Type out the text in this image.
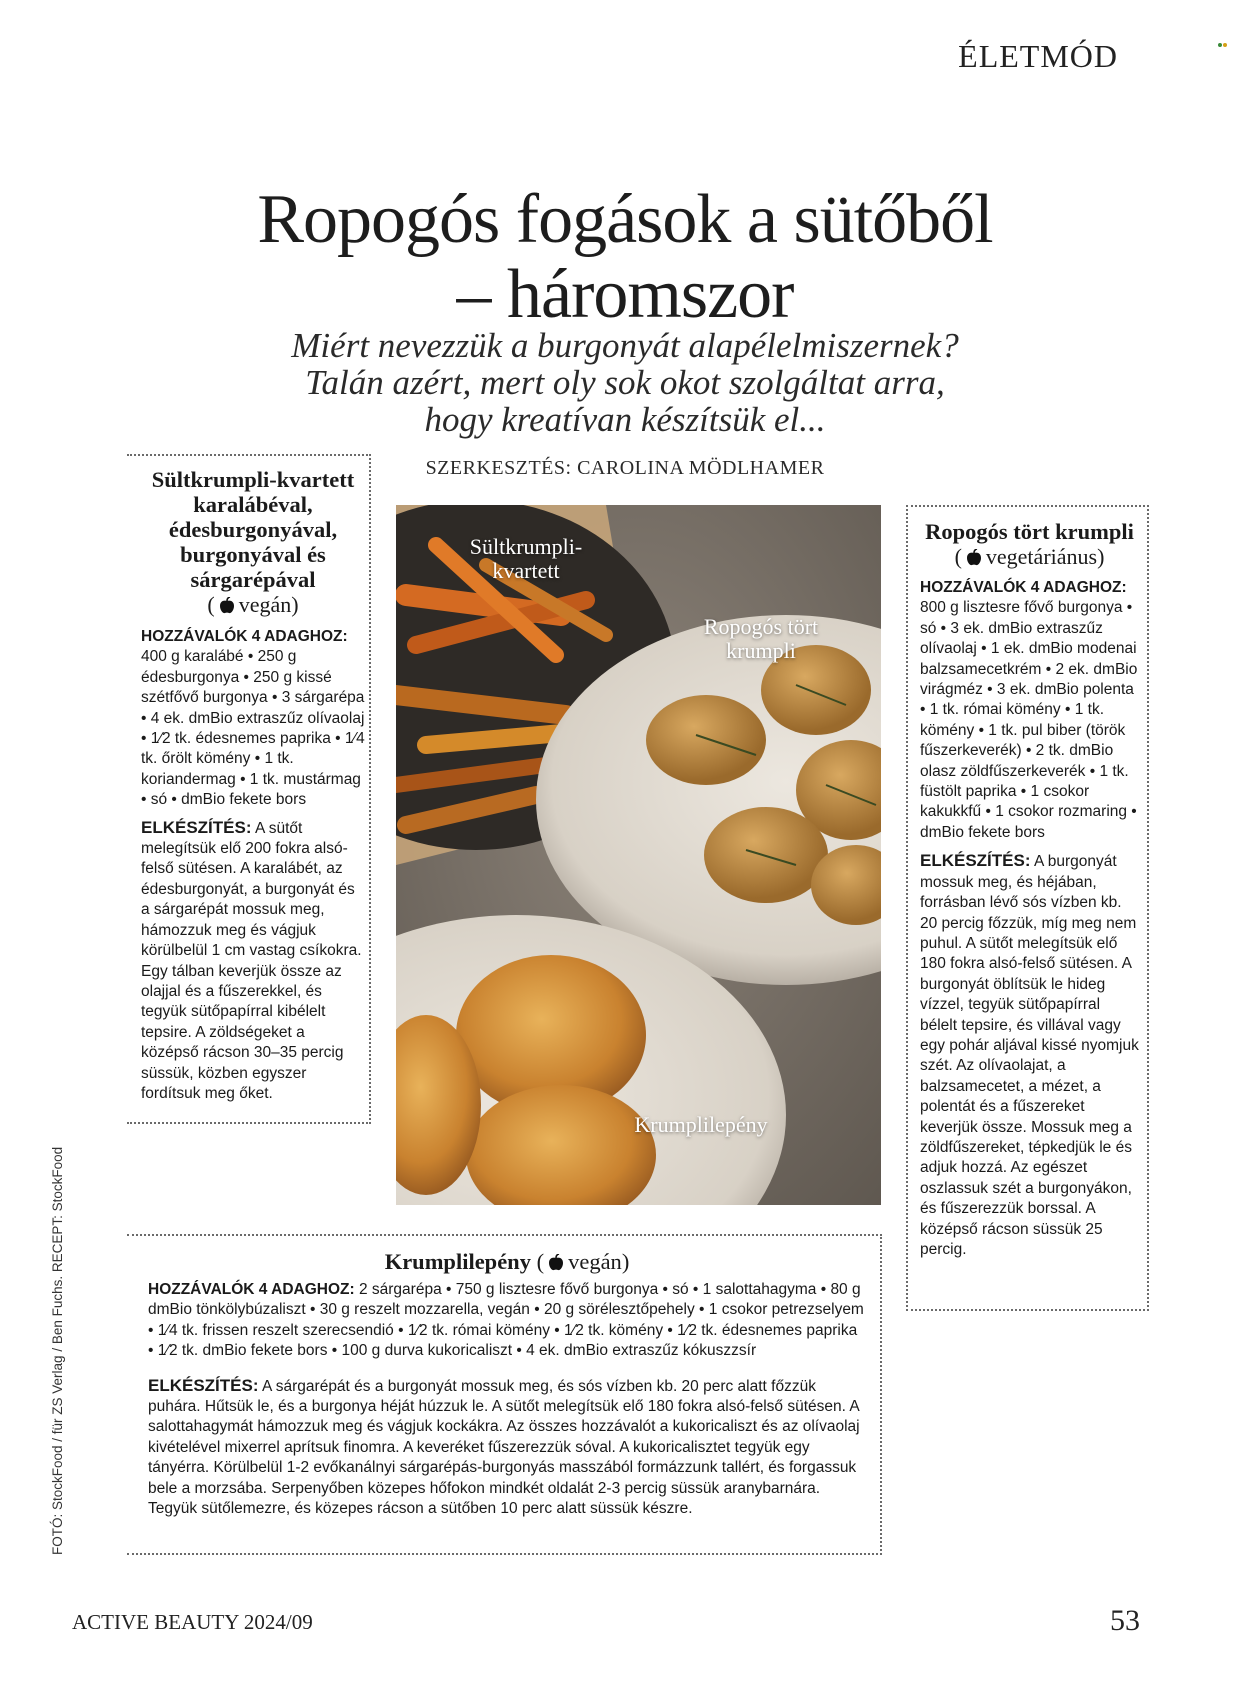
ÉLETMÓD
Ropogós fogások a sütőből
– háromszor
Miért nevezzük a burgonyát alapélelmiszernek?
Talán azért, mert oly sok okot szolgáltat arra,
hogy kreatívan készítsük el...
SZERKESZTÉS: CAROLINA MÖDLHAMER
Sültkrumpli-kvartett karalábéval, édesburgonyával, burgonyával és sárgarépával
( vegán)
HOZZÁVALÓK 4 ADAGHOZ:
400 g karalábé • 250 g édesburgonya • 250 g kissé szétfővő burgonya • 3 sárgarépa • 4 ek. dmBio extraszűz olívaolaj • 1⁄2 tk. édesnemes paprika • 1⁄4 tk. őrölt kömény • 1 tk. koriandermag • 1 tk. mustármag • só • dmBio fekete bors
ELKÉSZÍTÉS: A sütőt melegítsük elő 200 fokra alsó-felső sütésen. A karalábét, az édesburgonyát, a burgonyát és a sárgarépát mossuk meg, hámozzuk meg és vágjuk körülbelül 1 cm vastag csíkokra. Egy tálban keverjük össze az olajjal és a fűszerekkel, és tegyük sütőpapírral kibélelt tepsire. A zöldségeket a középső rácson 30–35 percig süssük, közben egyszer fordítsuk meg őket.
Sültkrumpli-kvartett
Ropogós tört krumpli
Krumplilepény
Ropogós tört krumpli
( vegetáriánus)
HOZZÁVALÓK 4 ADAGHOZ:
800 g lisztesre fővő burgonya • só • 3 ek. dmBio extraszűz olívaolaj • 1 ek. dmBio modenai balzsamecetkrém • 2 ek. dmBio virágméz • 3 ek. dmBio polenta • 1 tk. római kömény • 1 tk. kömény • 1 tk. pul biber (török fűszerkeverék) • 2 tk. dmBio olasz zöldfűszerkeverék • 1 tk. füstölt paprika • 1 csokor kakukkfű • 1 csokor rozmaring • dmBio fekete bors
ELKÉSZÍTÉS: A burgonyát mossuk meg, és héjában, forrásban lévő sós vízben kb. 20 percig főzzük, míg meg nem puhul. A sütőt melegítsük elő 180 fokra alsó-felső sütésen. A burgonyát öblítsük le hideg vízzel, tegyük sütőpapírral bélelt tepsire, és villával vagy egy pohár aljával kissé nyomjuk szét. Az olívaolajat, a balzsamecetet, a mézet, a polentát és a fűszereket keverjük össze. Mossuk meg a zöldfűszereket, tépkedjük le és adjuk hozzá. Az egészet oszlassuk szét a burgonyákon, és fűszerezzük borssal. A középső rácson süssük 25 percig.
Krumplilepény ( vegán)
HOZZÁVALÓK 4 ADAGHOZ: 2 sárgarépa • 750 g lisztesre fővő burgonya • só • 1 salottahagyma • 80 g dmBio tönkölybúzaliszt • 30 g reszelt mozzarella, vegán • 20 g sörélesztőpehely • 1 csokor petrezselyem • 1⁄4 tk. frissen reszelt szerecsendió • 1⁄2 tk. római kömény • 1⁄2 tk. kömény • 1⁄2 tk. édesnemes paprika • 1⁄2 tk. dmBio fekete bors • 100 g durva kukoricaliszt • 4 ek. dmBio extraszűz kókuszzsír
ELKÉSZÍTÉS: A sárgarépát és a burgonyát mossuk meg, és sós vízben kb. 20 perc alatt főzzük puhára. Hűtsük le, és a burgonya héját húzzuk le. A sütőt melegítsük elő 180 fokra alsó-felső sütésen. A salottahagymát hámozzuk meg és vágjuk kockákra. Az összes hozzávalót a kukoricaliszt és az olívaolaj kivételével mixerrel aprítsuk finomra. A keveréket fűszerezzük sóval. A kukoricalisztet tegyük egy tányérra. Körülbelül 1-2 evőkanálnyi sárgarépás-burgonyás masszából formázzunk tallért, és forgassuk bele a morzsába. Serpenyőben közepes hőfokon mindkét oldalát 2-3 percig süssük aranybarnára. Tegyük sütőlemezre, és közepes rácson a sütőben 10 perc alatt süssük készre.
FOTÓ: StockFood / für ZS Verlag / Ben Fuchs. RECEPT: StockFood
ACTIVE BEAUTY 2024/09	53
